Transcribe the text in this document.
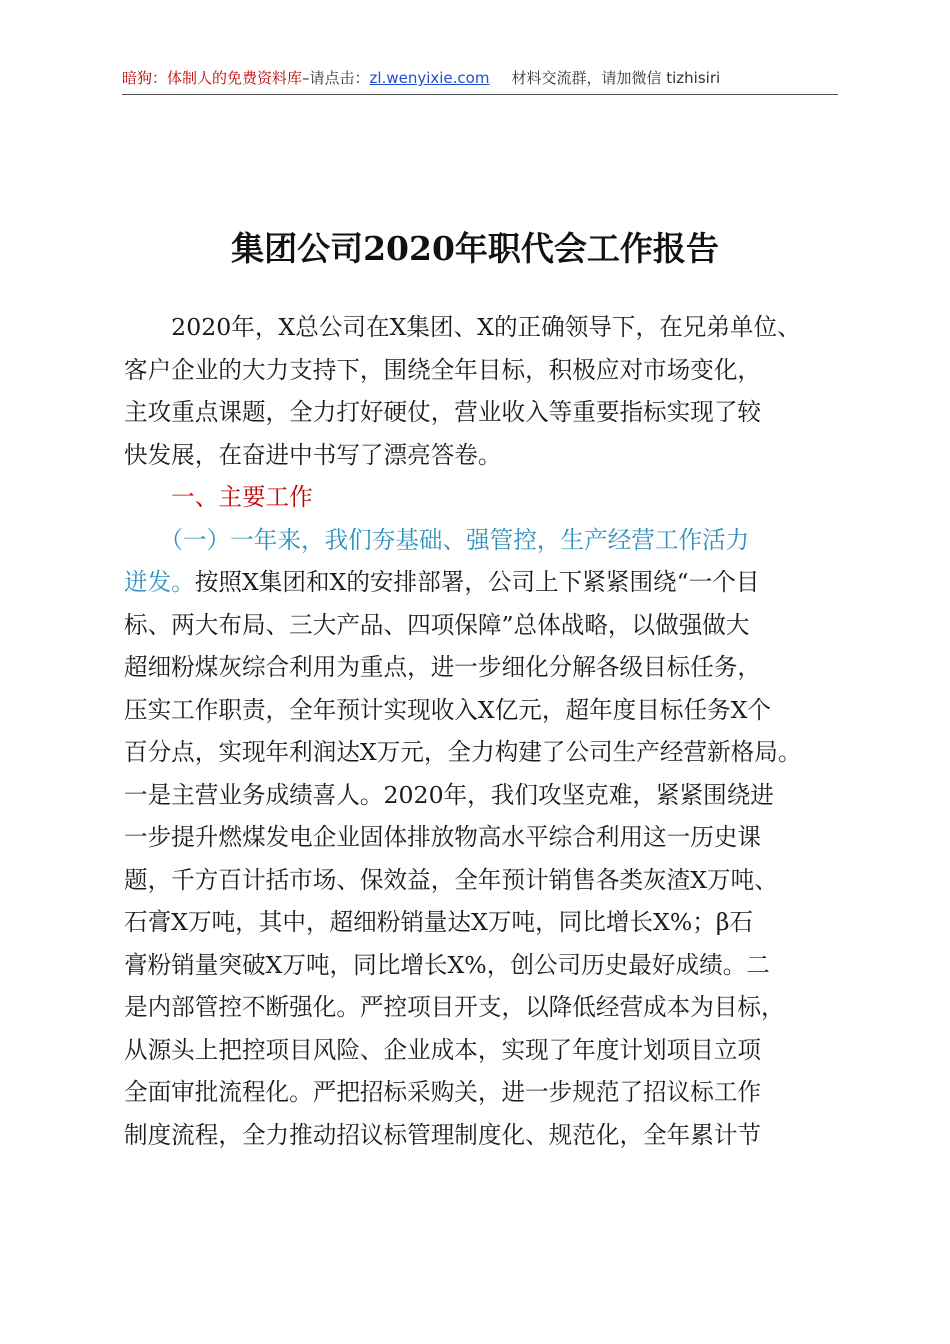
暗狗：体制人的免费资料库–请点击：zl.wenyixie.com 材料交流群，请加微信 tizhisiri
集团公司2020年职代会工作报告
　　2020年，X总公司在X集团、X的正确领导下，在兄弟单位、
客户企业的大力支持下，围绕全年目标，积极应对市场变化，
主攻重点课题，全力打好硬仗，营业收入等重要指标实现了较
快发展，在奋进中书写了漂亮答卷。
　　一、主要工作
　　（一）一年来，我们夯基础、强管控，生产经营工作活力
迸发。按照X集团和X的安排部署，公司上下紧紧围绕“一个目
标、两大布局、三大产品、四项保障”总体战略，以做强做大
超细粉煤灰综合利用为重点，进一步细化分解各级目标任务，
压实工作职责，全年预计实现收入X亿元，超年度目标任务X个
百分点，实现年利润达X万元，全力构建了公司生产经营新格局。
一是主营业务成绩喜人。2020年，我们攻坚克难，紧紧围绕进
一步提升燃煤发电企业固体排放物高水平综合利用这一历史课
题，千方百计括市场、保效益，全年预计销售各类灰渣X万吨、
石膏X万吨，其中，超细粉销量达X万吨，同比增长X%；β石
膏粉销量突破X万吨，同比增长X%，创公司历史最好成绩。二
是内部管控不断强化。严控项目开支，以降低经营成本为目标，
从源头上把控项目风险、企业成本，实现了年度计划项目立项
全面审批流程化。严把招标采购关，进一步规范了招议标工作
制度流程，全力推动招议标管理制度化、规范化，全年累计节
